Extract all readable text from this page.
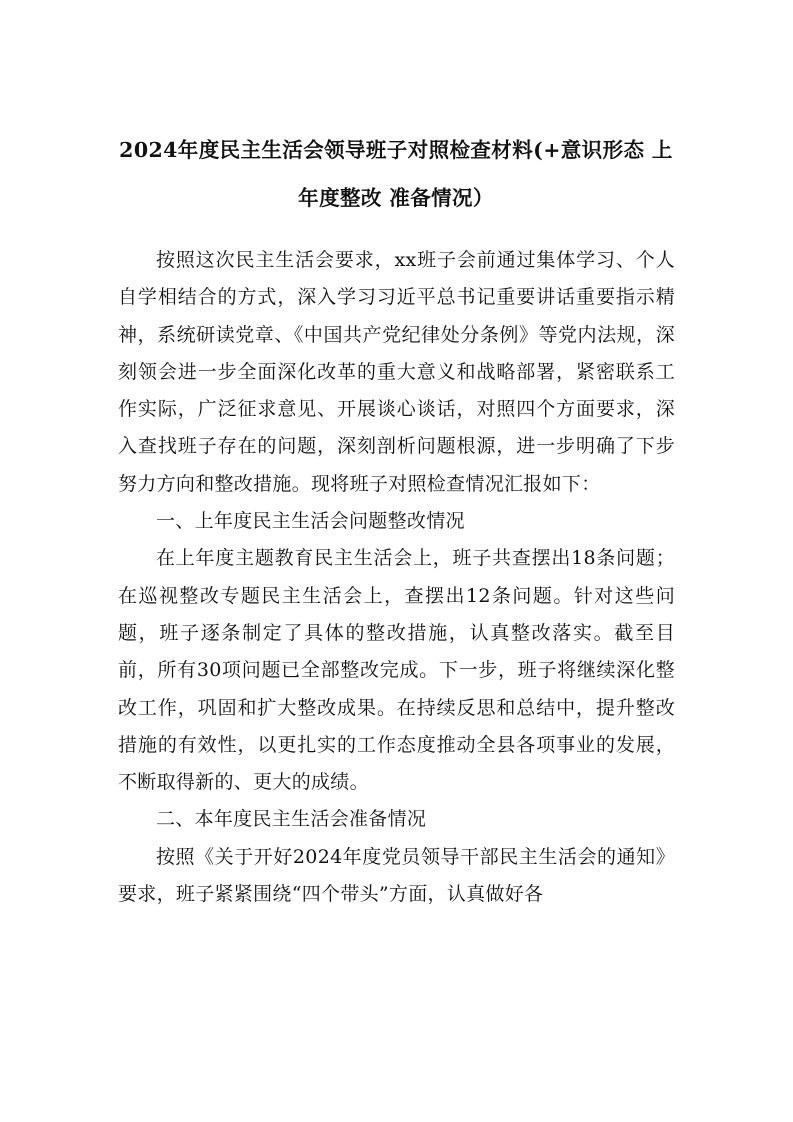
2024年度民主生活会领导班子对照检查材料(+意识形态 上年度整改 准备情况）

按照这次民主生活会要求，xx班子会前通过集体学习、个人自学相结合的方式，深入学习习近平总书记重要讲话重要指示精神，系统研读党章、《中国共产党纪律处分条例》等党内法规，深刻领会进一步全面深化改革的重大意义和战略部署，紧密联系工作实际，广泛征求意见、开展谈心谈话，对照四个方面要求，深入查找班子存在的问题，深刻剖析问题根源，进一步明确了下步努力方向和整改措施。现将班子对照检查情况汇报如下：

一、上年度民主生活会问题整改情况

在上年度主题教育民主生活会上，班子共查摆出18条问题；在巡视整改专题民主生活会上，查摆出12条问题。针对这些问题，班子逐条制定了具体的整改措施，认真整改落实。截至目前，所有30项问题已全部整改完成。下一步，班子将继续深化整改工作，巩固和扩大整改成果。在持续反思和总结中，提升整改措施的有效性，以更扎实的工作态度推动全县各项事业的发展，不断取得新的、更大的成绩。

二、本年度民主生活会准备情况

按照《关于开好2024年度党员领导干部民主生活会的通知》要求，班子紧紧围绕“四个带头”方面，认真做好各
